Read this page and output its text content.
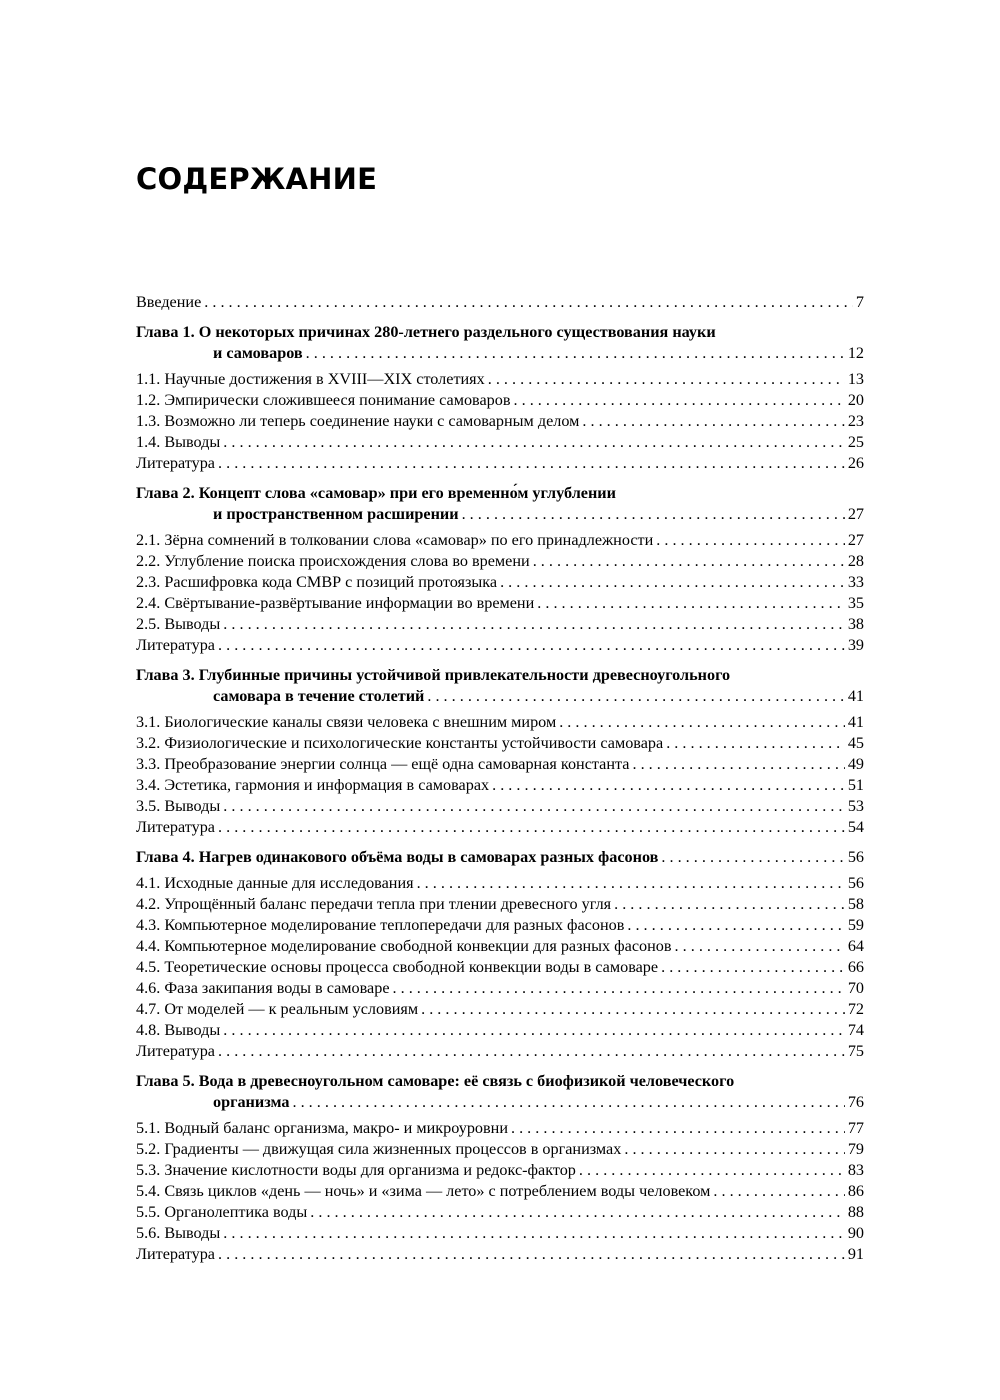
СОДЕРЖАНИЕ
Введение . . .	7
Глава 1. О некоторых причинах 280-летнего раздельного существования науки
и самоваров . . .	12
1.1. Научные достижения в XVIII—XIX столетиях . . .	13
1.2. Эмпирически сложившееся понимание самоваров . . .	20
1.3. Возможно ли теперь соединение науки с самоварным делом . . .	23
1.4. Выводы . . .	25
Литература . . .	26
Глава 2. Концепт слова «самовар» при его временно́м углублении
и пространственном расширении . . .	27
2.1. Зёрна сомнений в толковании слова «самовар» по его принадлежности . . .	27
2.2. Углубление поиска происхождения слова во времени . . .	28
2.3. Расшифровка кода СМВР с позиций протоязыка . . .	33
2.4. Свёртывание-развёртывание информации во времени . . .	35
2.5. Выводы . . .	38
Литература . . .	39
Глава 3. Глубинные причины устойчивой привлекательности древесноугольного
самовара в течение столетий . . .	41
3.1. Биологические каналы связи человека с внешним миром . . .	41
3.2. Физиологические и психологические константы устойчивости самовара . . .	45
3.3. Преобразование энергии солнца — ещё одна самоварная константа . . .	49
3.4. Эстетика, гармония и информация в самоварах . . .	51
3.5. Выводы . . .	53
Литература . . .	54
Глава 4. Нагрев одинакового объёма воды в самоварах разных фасонов . . .	56
4.1. Исходные данные для исследования . . .	56
4.2. Упрощённый баланс передачи тепла при тлении древесного угля . . .	58
4.3. Компьютерное моделирование теплопередачи для разных фасонов . . .	59
4.4. Компьютерное моделирование свободной конвекции для разных фасонов . . .	64
4.5. Теоретические основы процесса свободной конвекции воды в самоваре . . .	66
4.6. Фаза закипания воды в самоваре . . .	70
4.7. От моделей — к реальным условиям . . .	72
4.8. Выводы . . .	74
Литература . . .	75
Глава 5. Вода в древесноугольном самоваре: её связь с биофизикой человеческого
организма . . .	76
5.1. Водный баланс организма, макро- и микроуровни . . .	77
5.2. Градиенты — движущая сила жизненных процессов в организмах . . .	79
5.3. Значение кислотности воды для организма и редокс-фактор . . .	83
5.4. Связь циклов «день — ночь» и «зима — лето» с потреблением воды человеком . . .	86
5.5. Органолептика воды . . .	88
5.6. Выводы . . .	90
Литература . . .	91
